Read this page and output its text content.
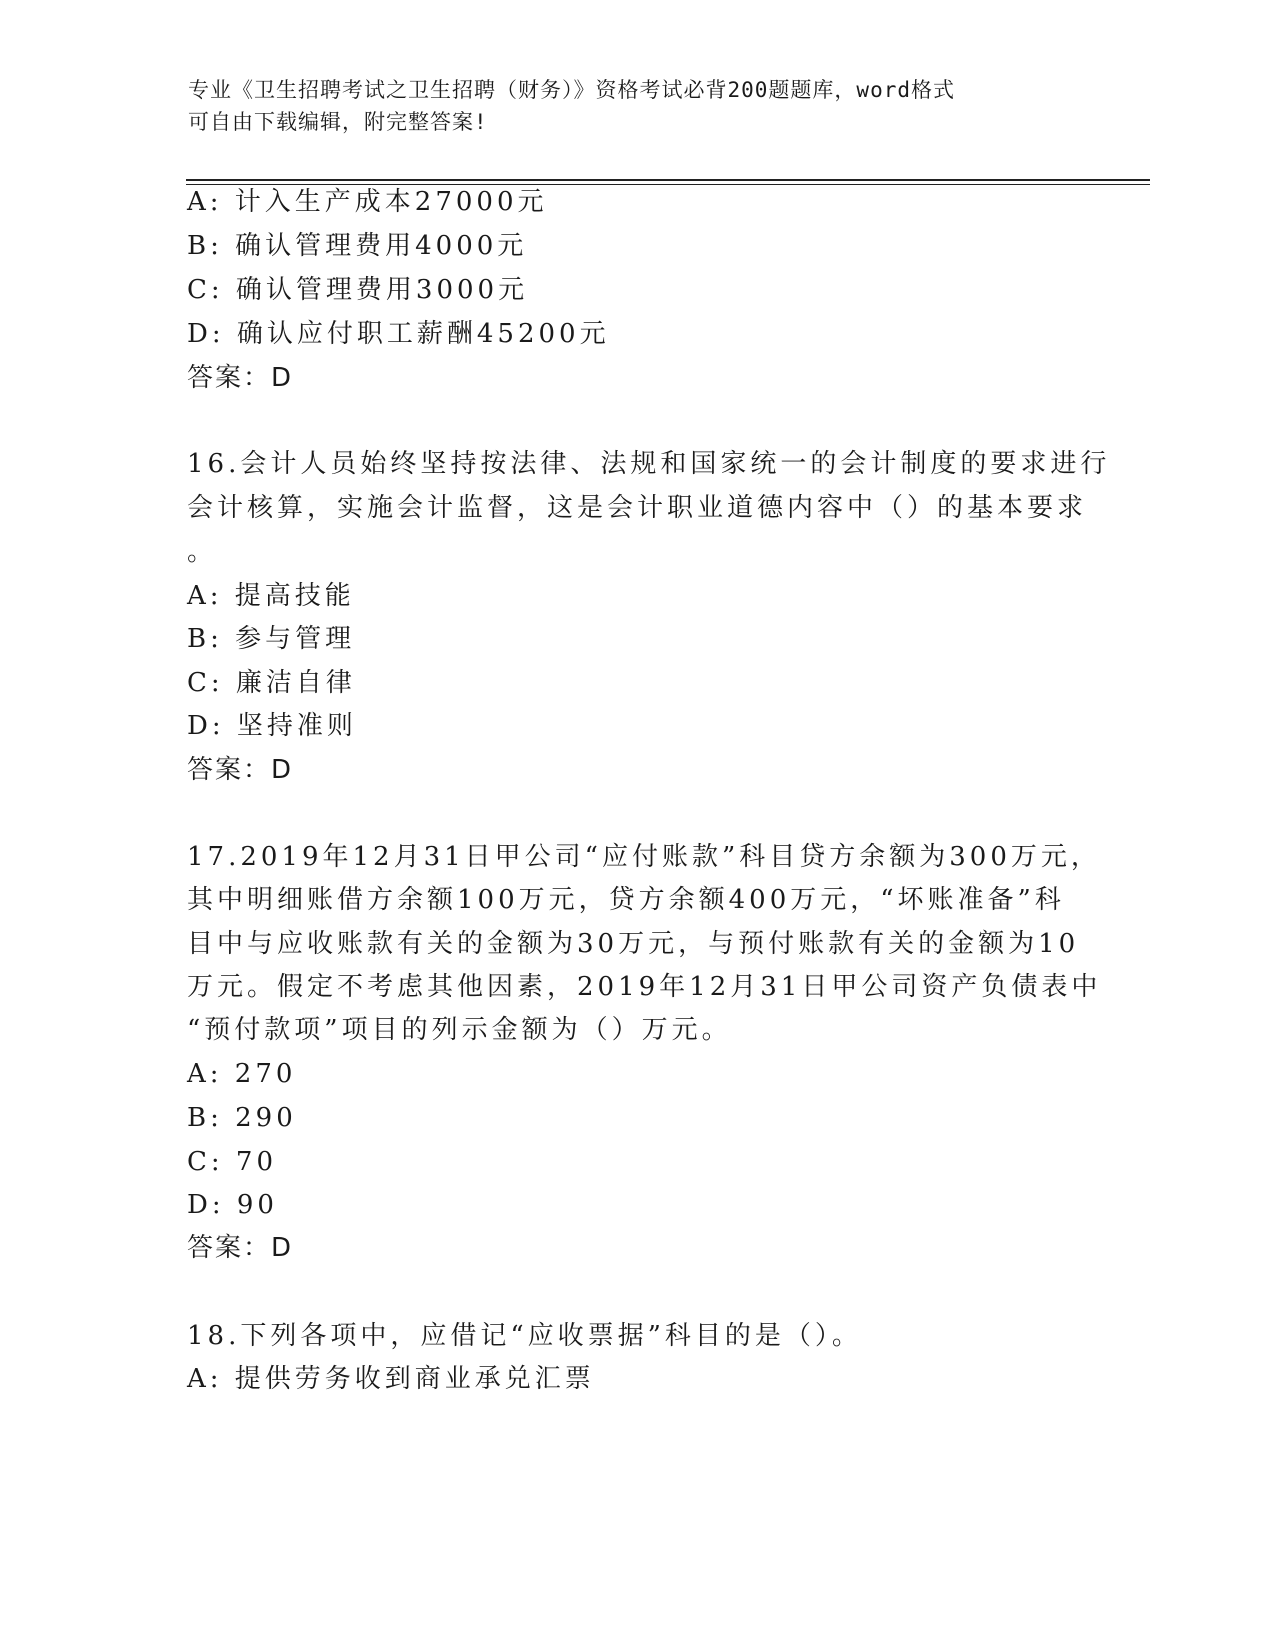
专业《卫生招聘考试之卫生招聘（财务）》资格考试必背200题题库，word格式
可自由下载编辑，附完整答案!
A: 计入生产成本27000元
B: 确认管理费用4000元
C: 确认管理费用3000元
D: 确认应付职工薪酬45200元
答案：D
16.会计人员始终坚持按法律、法规和国家统一的会计制度的要求进行
会计核算，实施会计监督，这是会计职业道德内容中（）的基本要求
。
A: 提高技能
B: 参与管理
C: 廉洁自律
D: 坚持准则
答案：D
17.2019年12月31日甲公司“应付账款”科目贷方余额为300万元，
其中明细账借方余额100万元，贷方余额400万元，“坏账准备”科
目中与应收账款有关的金额为30万元，与预付账款有关的金额为10
万元。假定不考虑其他因素，2019年12月31日甲公司资产负债表中
“预付款项”项目的列示金额为（）万元。
A: 270
B: 290
C: 70
D: 90
答案：D
18.下列各项中，应借记“应收票据”科目的是（）。
A: 提供劳务收到商业承兑汇票
